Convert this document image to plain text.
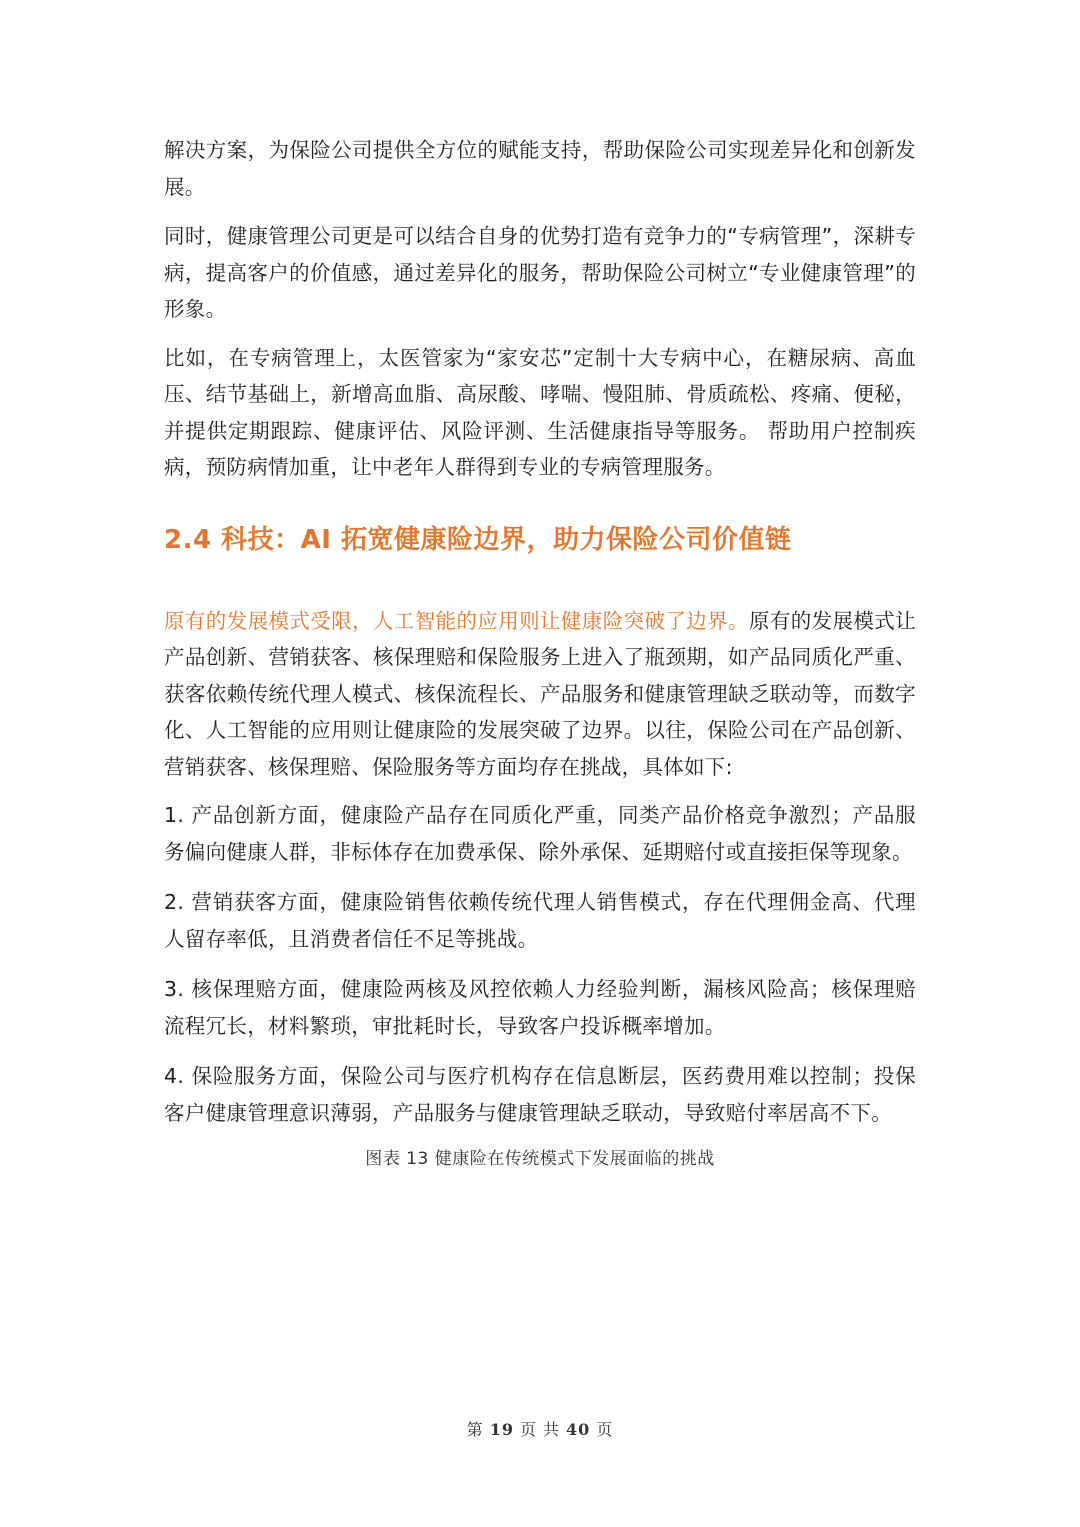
解决方案，为保险公司提供全方位的赋能支持，帮助保险公司实现差异化和创新发展。

同时，健康管理公司更是可以结合自身的优势打造有竞争力的“专病管理”，深耕专病，提高客户的价值感，通过差异化的服务，帮助保险公司树立“专业健康管理”的形象。

比如，在专病管理上，太医管家为“家安芯”定制十大专病中心，在糖尿病、高血压、结节基础上，新增高血脂、高尿酸、哮喘、慢阻肺、骨质疏松、疼痛、便秘，并提供定期跟踪、健康评估、风险评测、生活健康指导等服务。 帮助用户控制疾病，预防病情加重，让中老年人群得到专业的专病管理服务。

2.4 科技：AI 拓宽健康险边界，助力保险公司价值链

原有的发展模式受限，人工智能的应用则让健康险突破了边界。原有的发展模式让产品创新、营销获客、核保理赔和保险服务上进入了瓶颈期，如产品同质化严重、获客依赖传统代理人模式、核保流程长、产品服务和健康管理缺乏联动等，而数字化、人工智能的应用则让健康险的发展突破了边界。以往，保险公司在产品创新、营销获客、核保理赔、保险服务等方面均存在挑战，具体如下:

1. 产品创新方面，健康险产品存在同质化严重，同类产品价格竞争激烈；产品服务偏向健康人群，非标体存在加费承保、除外承保、延期赔付或直接拒保等现象。

2. 营销获客方面，健康险销售依赖传统代理人销售模式，存在代理佣金高、代理人留存率低，且消费者信任不足等挑战。

3. 核保理赔方面，健康险两核及风控依赖人力经验判断，漏核风险高；核保理赔流程冗长，材料繁琐，审批耗时长，导致客户投诉概率增加。

4. 保险服务方面，保险公司与医疗机构存在信息断层，医药费用难以控制；投保客户健康管理意识薄弱，产品服务与健康管理缺乏联动，导致赔付率居高不下。

图表 13 健康险在传统模式下发展面临的挑战
第 19 页 共 40 页
